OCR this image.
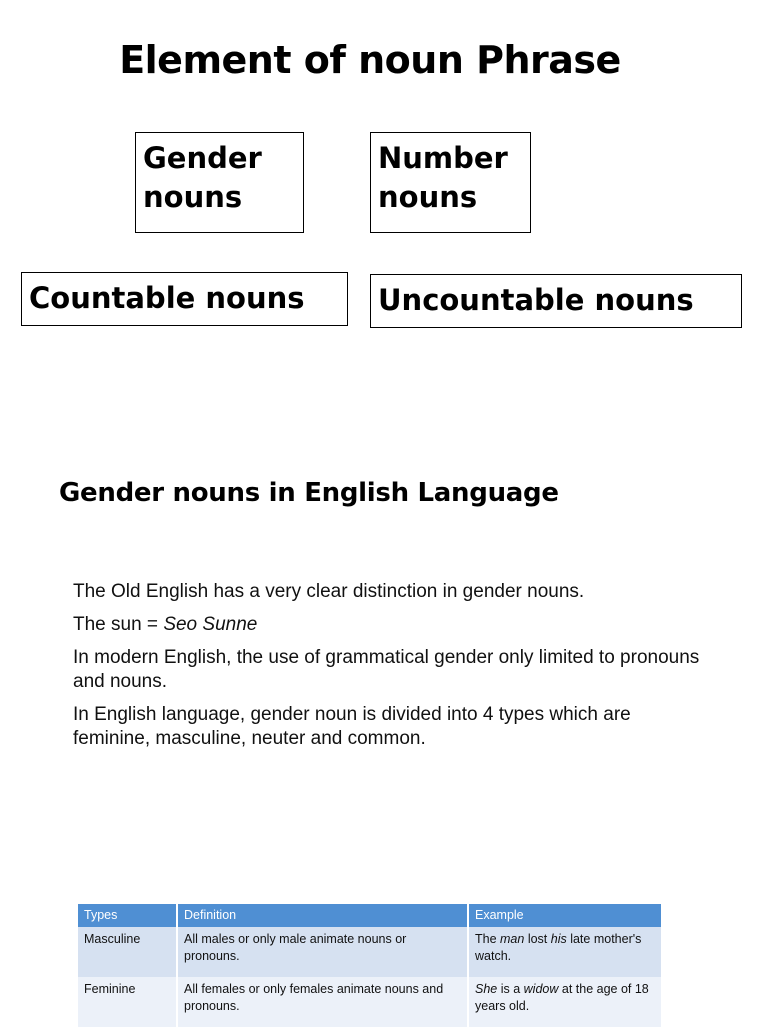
Element of noun Phrase
Gender
nouns
Number
nouns
Countable nouns	Uncountable nouns
Gender nouns in English Language

The Old English has a very clear distinction in gender nouns.

The sun = Seo Sunne

In modern English, the use of grammatical gender only limited to pronouns and nouns.

In English language, gender noun is divided into 4 types which are feminine, masculine, neuter and common.

Types	Definition	Example
Masculine	All males or only male animate nouns or pronouns.	The man lost his late mother's watch.
Feminine	All females or only females animate nouns and pronouns.	She is a widow at the age of 18 years old.
